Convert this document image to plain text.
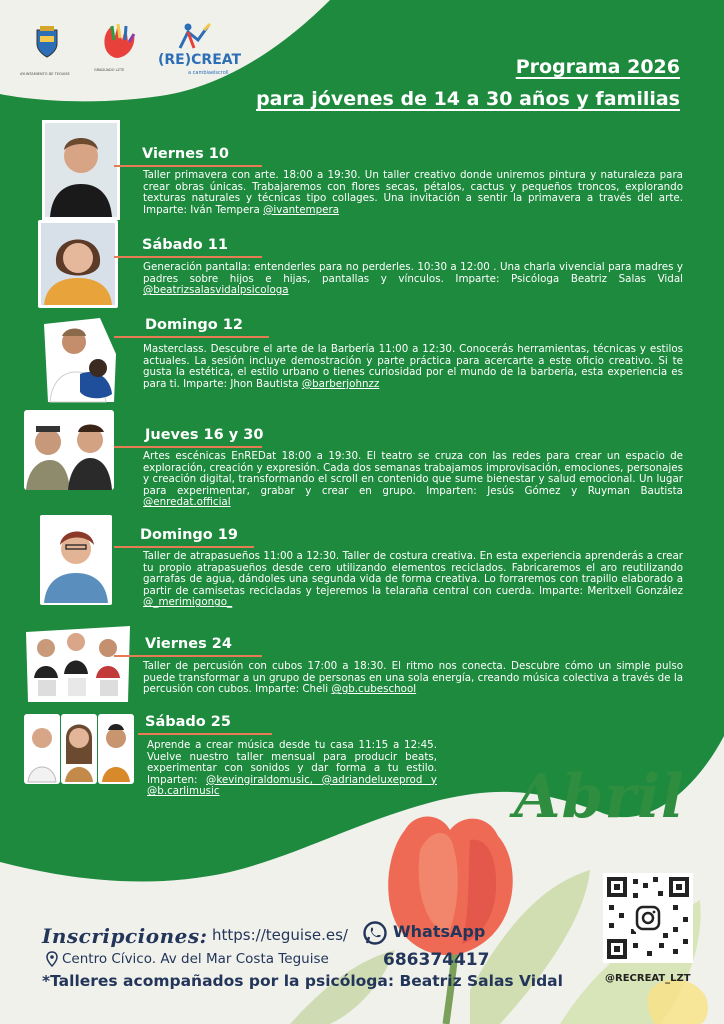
AYUNTAMIENTO DE TEGUISE
GRADUADO LZTE
(RE)CREAT
a cambiaelscroll	Programa 2026
para jóvenes de 14 a 30 años y familias
Viernes 10

Taller primavera con arte. 18:00 a 19:30. Un taller creativo donde uniremos pintura y naturaleza para crear obras únicas. Trabajaremos con flores secas, pétalos, cactus y pequeños troncos, explorando texturas naturales y técnicas tipo collages. Una invitación a sentir la primavera a través del arte. Imparte: Iván Tempera @ivantempera

Sábado 11

Generación pantalla: entenderles para no perderles. 10:30 a 12:00 . Una charla vivencial para madres y padres sobre hijos e hijas, pantallas y vínculos. Imparte: Psicóloga Beatriz Salas Vidal @beatrizsalasvidalpsicologa

Domingo 12

Masterclass. Descubre el arte de la Barbería 11:00 a 12:30. Conocerás herramientas, técnicas y estilos actuales. La sesión incluye demostración y parte práctica para acercarte a este oficio creativo. Si te gusta la estética, el estilo urbano o tienes curiosidad por el mundo de la barbería, esta experiencia es para ti. Imparte: Jhon Bautista @barberjohnzz

Jueves 16 y 30

Artes escénicas EnREDat 18:00 a 19:30. El teatro se cruza con las redes para crear un espacio de exploración, creación y expresión. Cada dos semanas trabajamos improvisación, emociones, personajes y creación digital, transformando el scroll en contenido que sume bienestar y salud emocional. Un lugar para experimentar, grabar y crear en grupo. Imparten: Jesús Gómez y Ruyman Bautista @enredat.official

Domingo 19

Taller de atrapasueños 11:00 a 12:30. Taller de costura creativa. En esta experiencia aprenderás a crear tu propio atrapasueños desde cero utilizando elementos reciclados. Fabricaremos el aro reutilizando garrafas de agua, dándoles una segunda vida de forma creativa. Lo forraremos con trapillo elaborado a partir de camisetas recicladas y tejeremos la telaraña central con cuerda. Imparte: Meritxell González @_merimigongo_

Viernes 24

Taller de percusión con cubos 17:00 a 18:30. El ritmo nos conecta. Descubre cómo un simple pulso puede transformar a un grupo de personas en una sola energía, creando música colectiva a través de la percusión con cubos. Imparte: Cheli @gb.cubeschool

Sábado 25

Aprende a crear música desde tu casa 11:15 a 12:45. Vuelve nuestro taller mensual para producir beats, experimentar con sonidos y dar forma a tu estilo. Imparten: @kevingiraldomusic, @adriandeluxeprod y @b.carlimusic	Abril
@RECREAT_LZT
Inscripciones: https://teguise.es/	WhatsApp
Centro Cívico. Av del Mar Costa Teguise	686374417
*Talleres acompañados por la psicóloga: Beatriz Salas Vidal
